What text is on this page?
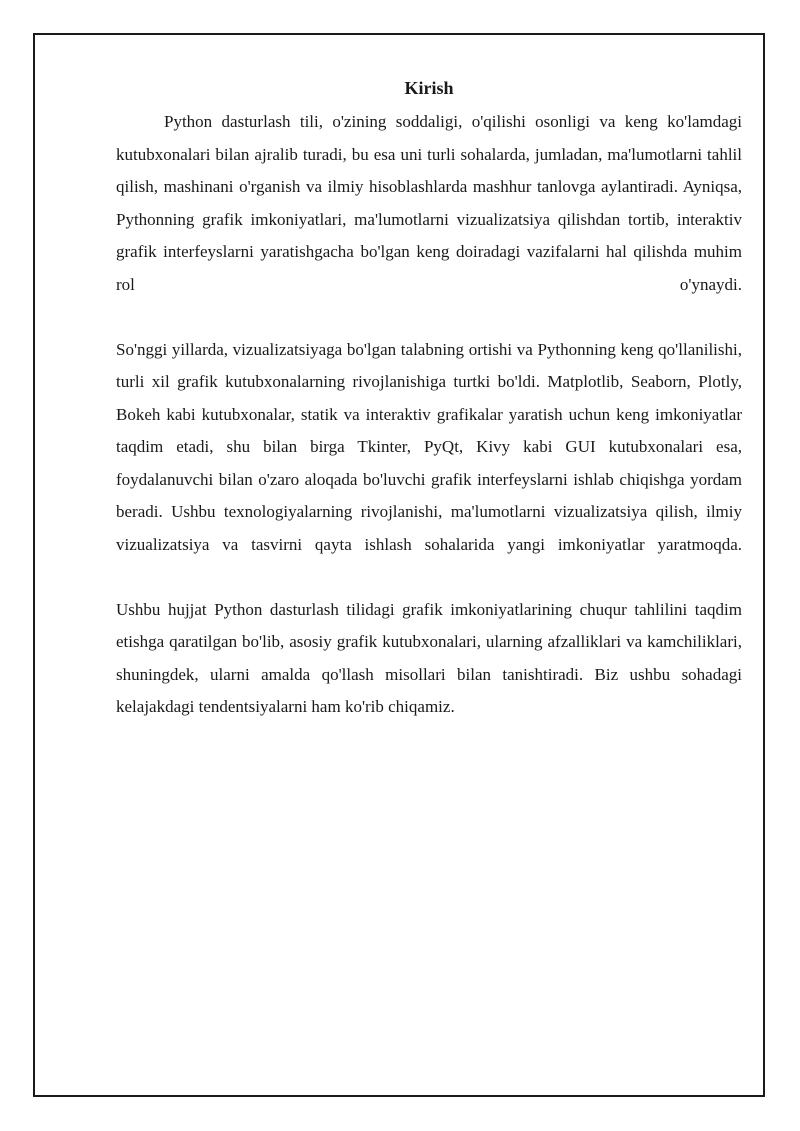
Kirish

Python dasturlash tili, o'zining soddaligi, o'qilishi osonligi va keng ko'lamdagi kutubxonalari bilan ajralib turadi, bu esa uni turli sohalarda, jumladan, ma'lumotlarni tahlil qilish, mashinani o'rganish va ilmiy hisoblashlarda mashhur tanlovga aylantiradi. Ayniqsa, Pythonning grafik imkoniyatlari, ma'lumotlarni vizualizatsiya qilishdan tortib, interaktiv grafik interfeyslarni yaratishgacha bo'lgan keng doiradagi vazifalarni hal qilishda muhim rol o'ynaydi.

So'nggi yillarda, vizualizatsiyaga bo'lgan talabning ortishi va Pythonning keng qo'llanilishi, turli xil grafik kutubxonalarning rivojlanishiga turtki bo'ldi. Matplotlib, Seaborn, Plotly, Bokeh kabi kutubxonalar, statik va interaktiv grafikalar yaratish uchun keng imkoniyatlar taqdim etadi, shu bilan birga Tkinter, PyQt, Kivy kabi GUI kutubxonalari esa, foydalanuvchi bilan o'zaro aloqada bo'luvchi grafik interfeyslarni ishlab chiqishga yordam beradi. Ushbu texnologiyalarning rivojlanishi, ma'lumotlarni vizualizatsiya qilish, ilmiy vizualizatsiya va tasvirni qayta ishlash sohalarida yangi imkoniyatlar yaratmoqda.

Ushbu hujjat Python dasturlash tilidagi grafik imkoniyatlarining chuqur tahlilini taqdim etishga qaratilgan bo'lib, asosiy grafik kutubxonalari, ularning afzalliklari va kamchiliklari, shuningdek, ularni amalda qo'llash misollari bilan tanishtiradi. Biz ushbu sohadagi kelajakdagi tendentsiyalarni ham ko'rib chiqamiz.
